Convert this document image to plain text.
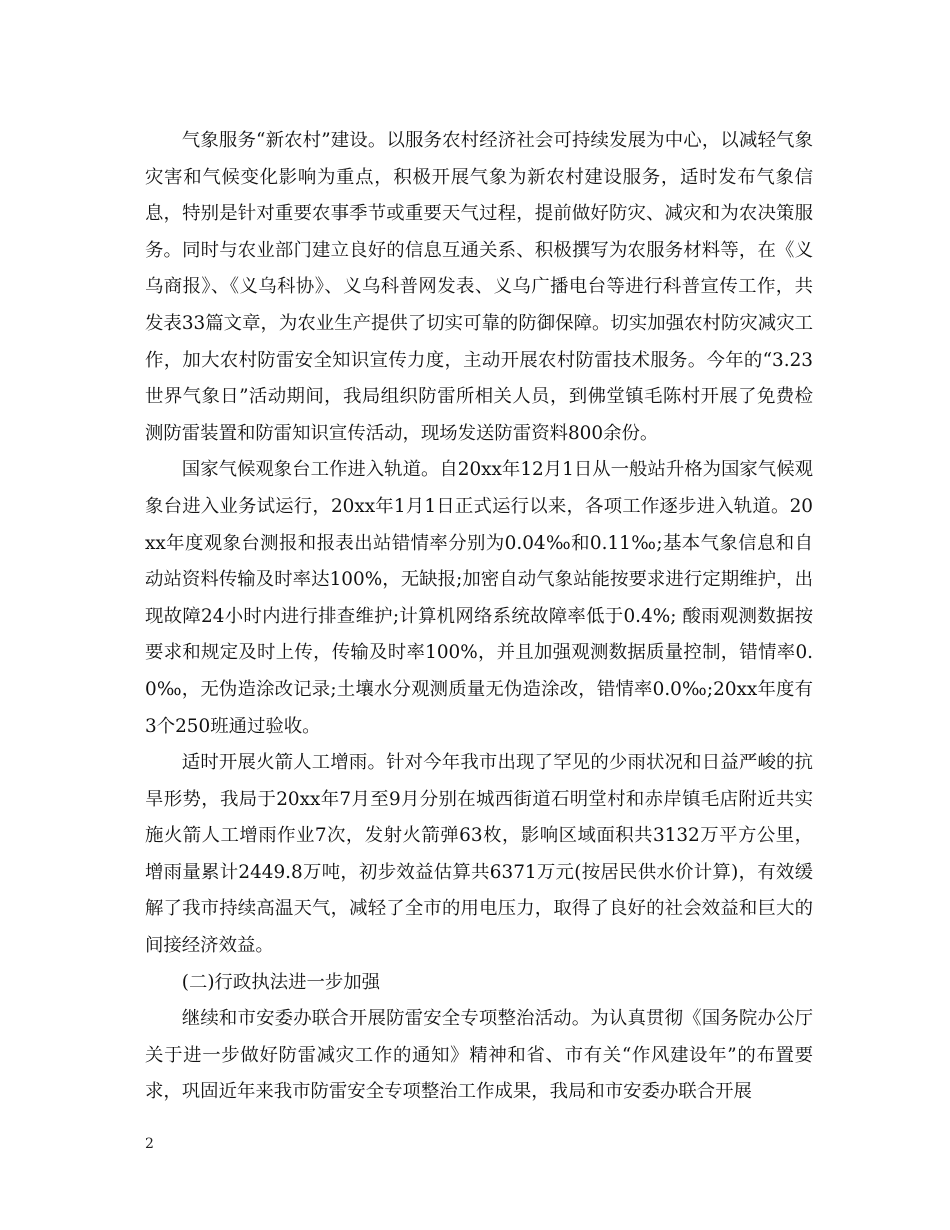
气象服务“新农村”建设。以服务农村经济社会可持续发展为中心，以减轻气象灾害和气候变化影响为重点，积极开展气象为新农村建设服务，适时发布气象信息，特别是针对重要农事季节或重要天气过程，提前做好防灾、减灾和为农决策服务。同时与农业部门建立良好的信息互通关系、积极撰写为农服务材料等，在《义乌商报》、《义乌科协》、义乌科普网发表、义乌广播电台等进行科普宣传工作，共发表33篇文章，为农业生产提供了切实可靠的防御保障。切实加强农村防灾减灾工作，加大农村防雷安全知识宣传力度，主动开展农村防雷技术服务。今年的“3.23世界气象日”活动期间，我局组织防雷所相关人员，到佛堂镇毛陈村开展了免费检测防雷装置和防雷知识宣传活动，现场发送防雷资料800余份。

国家气候观象台工作进入轨道。自20xx年12月1日从一般站升格为国家气候观象台进入业务试运行，20xx年1月1日正式运行以来，各项工作逐步进入轨道。20xx年度观象台测报和报表出站错情率分别为0.04‰和0.11‰;基本气象信息和自动站资料传输及时率达100%，无缺报;加密自动气象站能按要求进行定期维护，出现故障24小时内进行排查维护;计算机网络系统故障率低于0.4%; 酸雨观测数据按要求和规定及时上传，传输及时率100%，并且加强观测数据质量控制，错情率0.0‰，无伪造涂改记录;土壤水分观测质量无伪造涂改，错情率0.0‰;20xx年度有3个250班通过验收。

适时开展火箭人工增雨。针对今年我市出现了罕见的少雨状况和日益严峻的抗旱形势，我局于20xx年7月至9月分别在城西街道石明堂村和赤岸镇毛店附近共实施火箭人工增雨作业7次，发射火箭弹63枚，影响区域面积共3132万平方公里，增雨量累计2449.8万吨，初步效益估算共6371万元(按居民供水价计算)，有效缓解了我市持续高温天气，减轻了全市的用电压力，取得了良好的社会效益和巨大的间接经济效益。

(二)行政执法进一步加强

继续和市安委办联合开展防雷安全专项整治活动。为认真贯彻《国务院办公厅关于进一步做好防雷减灾工作的通知》精神和省、市有关“作风建设年”的布置要求，巩固近年来我市防雷安全专项整治工作成果，我局和市安委办联合开展

2
